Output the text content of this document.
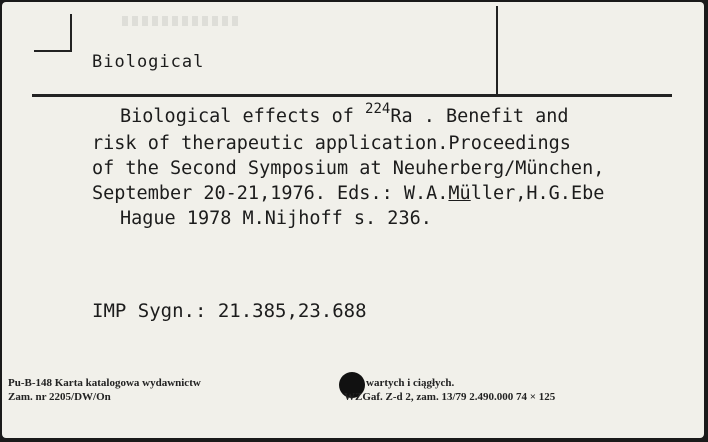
Biological
Biological effects of $^{224}$Ra . Benefit and
risk of therapeutic application.Proceedings
of the Second Symposium at Neuherberg/München,
September 20-21,1976. Eds.: W.A.Müller,H.G.Ebe
Hague 1978 M.Nijhoff s. 236.
IMP Sygn.: 21.385,23.688
Pu-B-148 Karta katalogowa wydawnictw	wartych i ciągłych.
Zam. nr 2205/DW/On	WZGaf. Z-d 2, zam. 13/79 2.490.000 74 × 125
